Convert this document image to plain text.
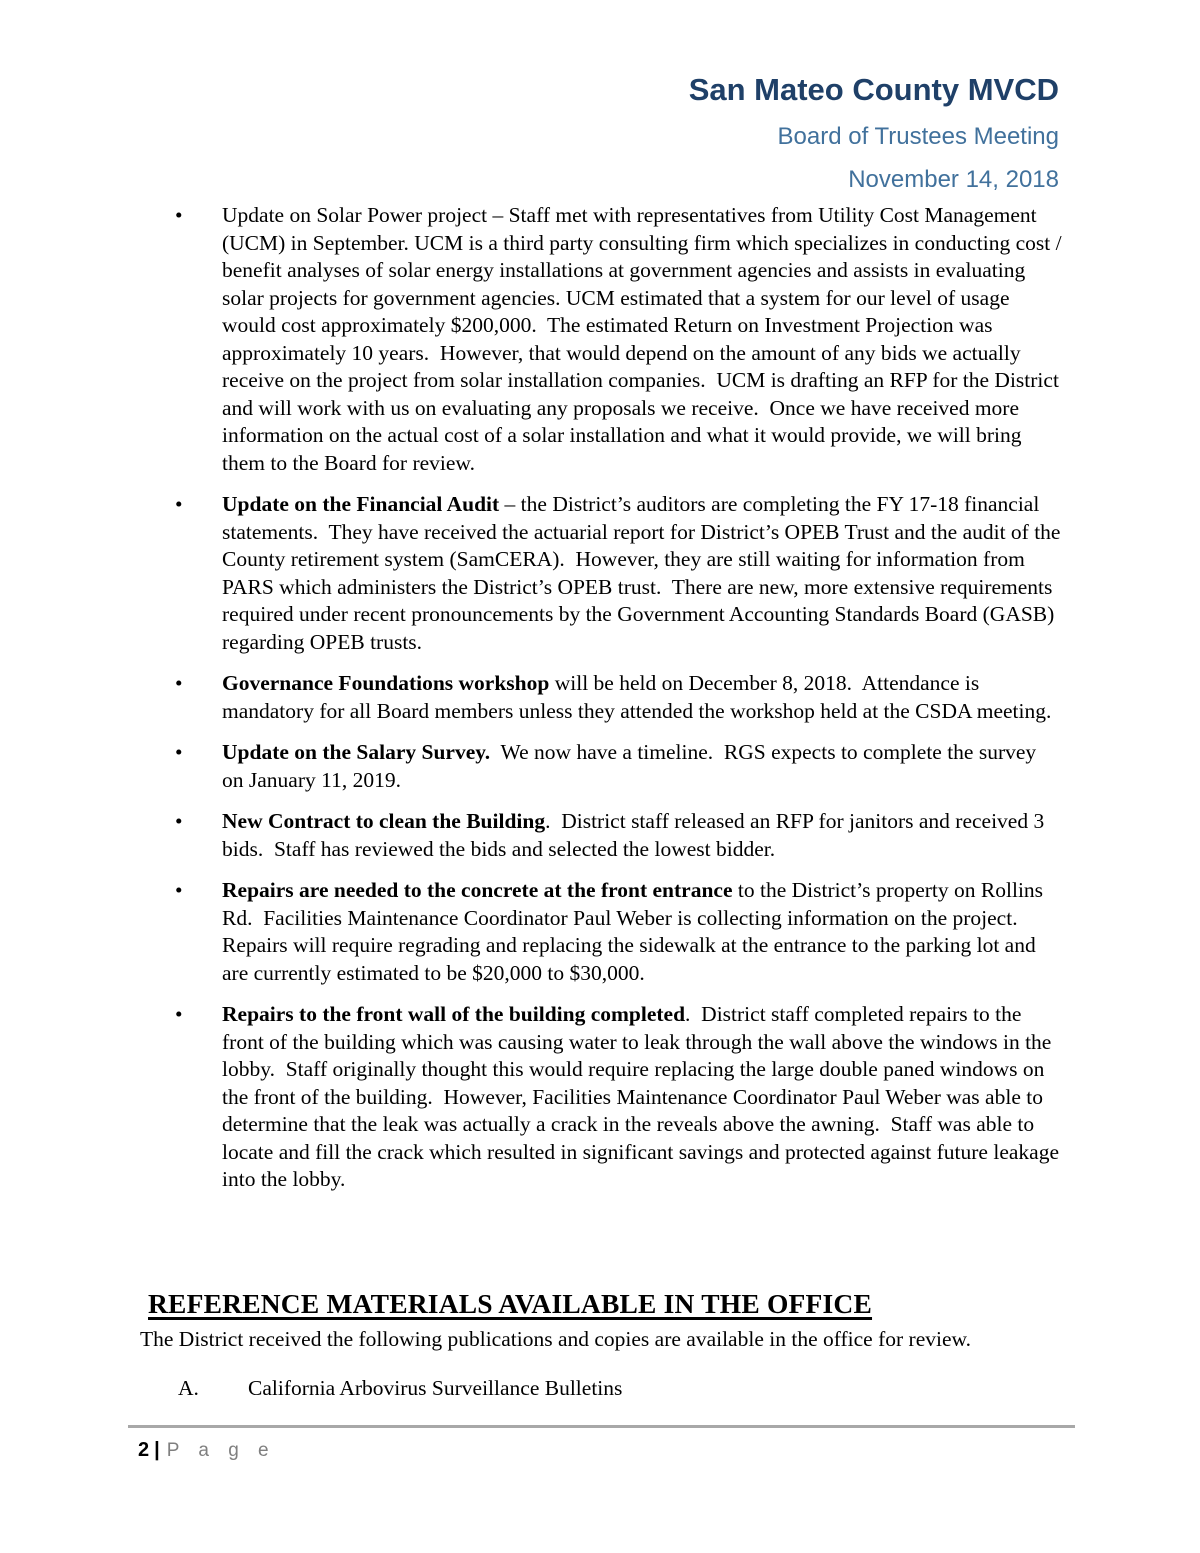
San Mateo County MVCD
Board of Trustees Meeting
November 14, 2018
• Update on Solar Power project – Staff met with representatives from Utility Cost Management (UCM) in September. UCM is a third party consulting firm which specializes in conducting cost / benefit analyses of solar energy installations at government agencies and assists in evaluating solar projects for government agencies. UCM estimated that a system for our level of usage would cost approximately $200,000.  The estimated Return on Investment Projection was approximately 10 years.  However, that would depend on the amount of any bids we actually receive on the project from solar installation companies.  UCM is drafting an RFP for the District and will work with us on evaluating any proposals we receive.  Once we have received more information on the actual cost of a solar installation and what it would provide, we will bring them to the Board for review.
• Update on the Financial Audit – the District’s auditors are completing the FY 17-18 financial statements.  They have received the actuarial report for District’s OPEB Trust and the audit of the County retirement system (SamCERA).  However, they are still waiting for information from PARS which administers the District’s OPEB trust.  There are new, more extensive requirements required under recent pronouncements by the Government Accounting Standards Board (GASB) regarding OPEB trusts.
• Governance Foundations workshop will be held on December 8, 2018.  Attendance is mandatory for all Board members unless they attended the workshop held at the CSDA meeting.
• Update on the Salary Survey.  We now have a timeline.  RGS expects to complete the survey on January 11, 2019.
• New Contract to clean the Building.  District staff released an RFP for janitors and received 3 bids.  Staff has reviewed the bids and selected the lowest bidder.
• Repairs are needed to the concrete at the front entrance to the District’s property on Rollins Rd.  Facilities Maintenance Coordinator Paul Weber is collecting information on the project.  Repairs will require regrading and replacing the sidewalk at the entrance to the parking lot and are currently estimated to be $20,000 to $30,000.
• Repairs to the front wall of the building completed.  District staff completed repairs to the front of the building which was causing water to leak through the wall above the windows in the lobby.  Staff originally thought this would require replacing the large double paned windows on the front of the building.  However, Facilities Maintenance Coordinator Paul Weber was able to determine that the leak was actually a crack in the reveals above the awning.  Staff was able to locate and fill the crack which resulted in significant savings and protected against future leakage into the lobby.
REFERENCE MATERIALS AVAILABLE IN THE OFFICE

The District received the following publications and copies are available in the office for review.

A. California Arbovirus Surveillance Bulletins
2 | P a g e
